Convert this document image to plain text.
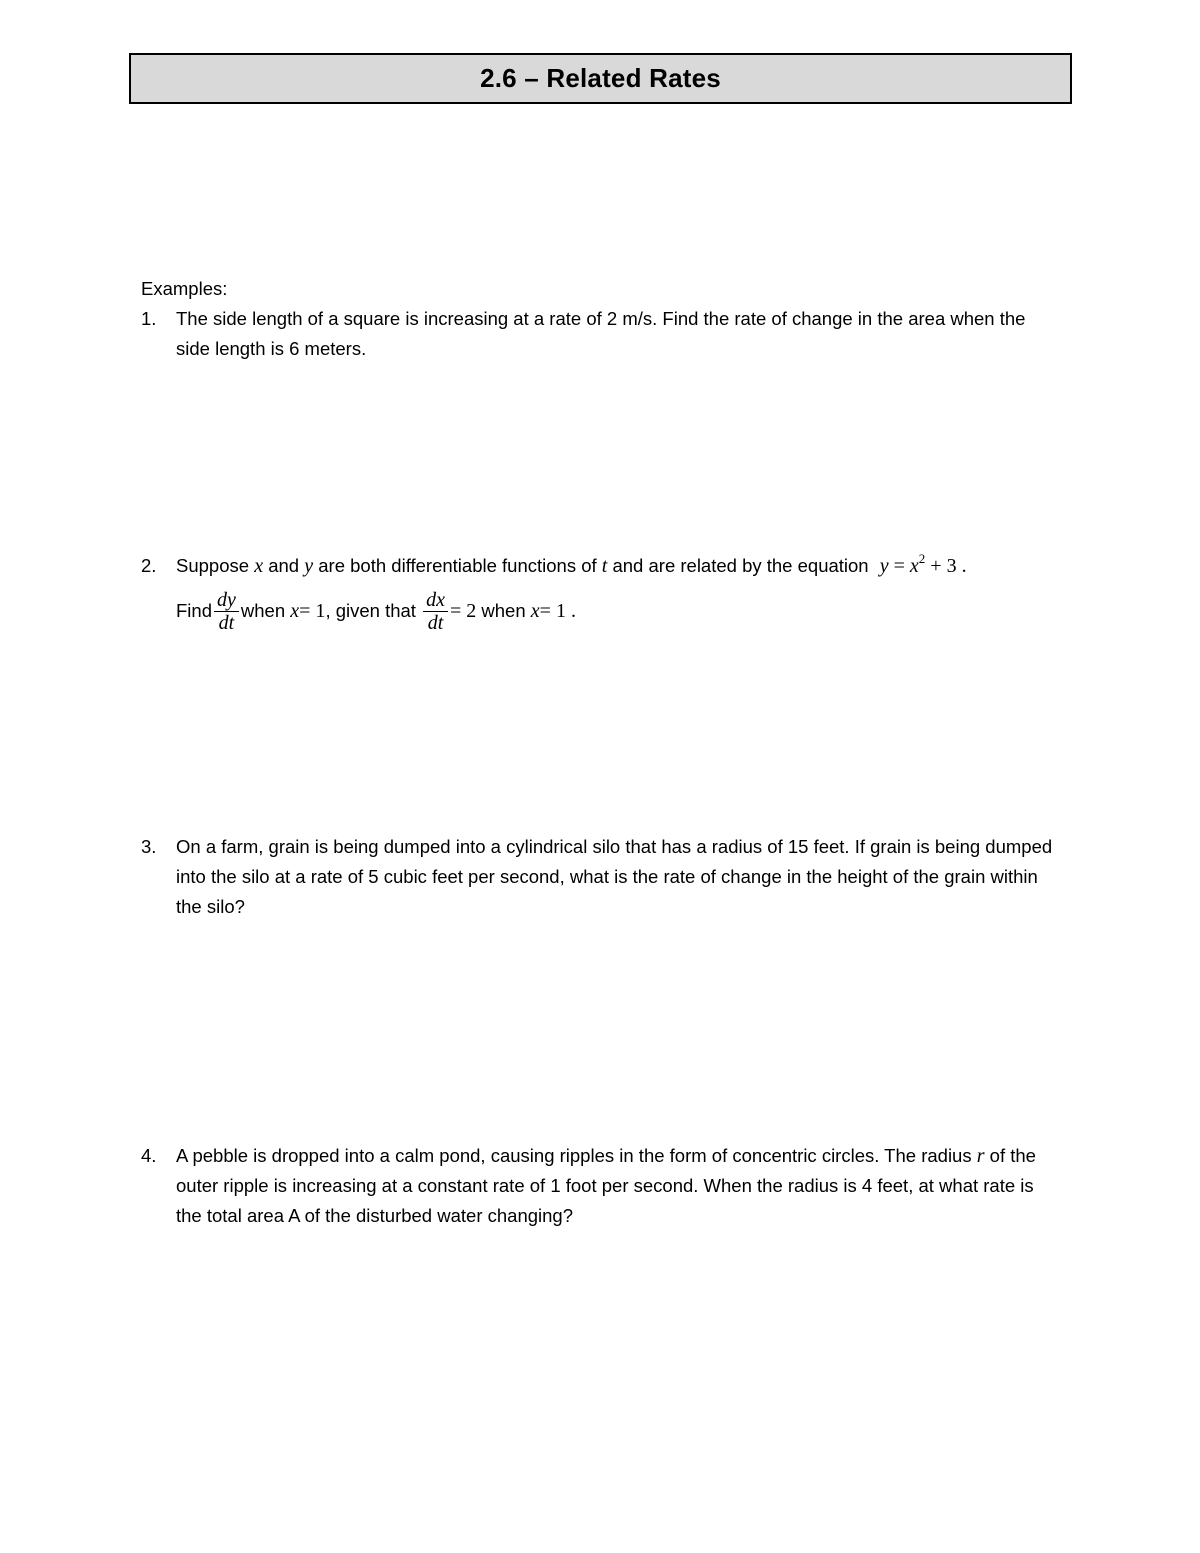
2.6 – Related Rates
Examples:
1.	The side length of a square is increasing at a rate of 2 m/s. Find the rate of change in the area when the side length is 6 meters.
2.	Suppose x and y are both differentiable functions of t and are related by the equation $y = x^2 + 3$ .
Find $\frac{dy}{dt}$ when
x = 1 , given that
$\frac{dx}{dt} = 2$
when
x = 1 .
3.	On a farm, grain is being dumped into a cylindrical silo that has a radius of 15 feet. If grain is being dumped into the silo at a rate of 5 cubic feet per second, what is the rate of change in the height of the grain within the silo?
4.	A pebble is dropped into a calm pond, causing ripples in the form of concentric circles. The radius r of the outer ripple is increasing at a constant rate of 1 foot per second. When the radius is 4 feet, at what rate is the total area A of the disturbed water changing?
